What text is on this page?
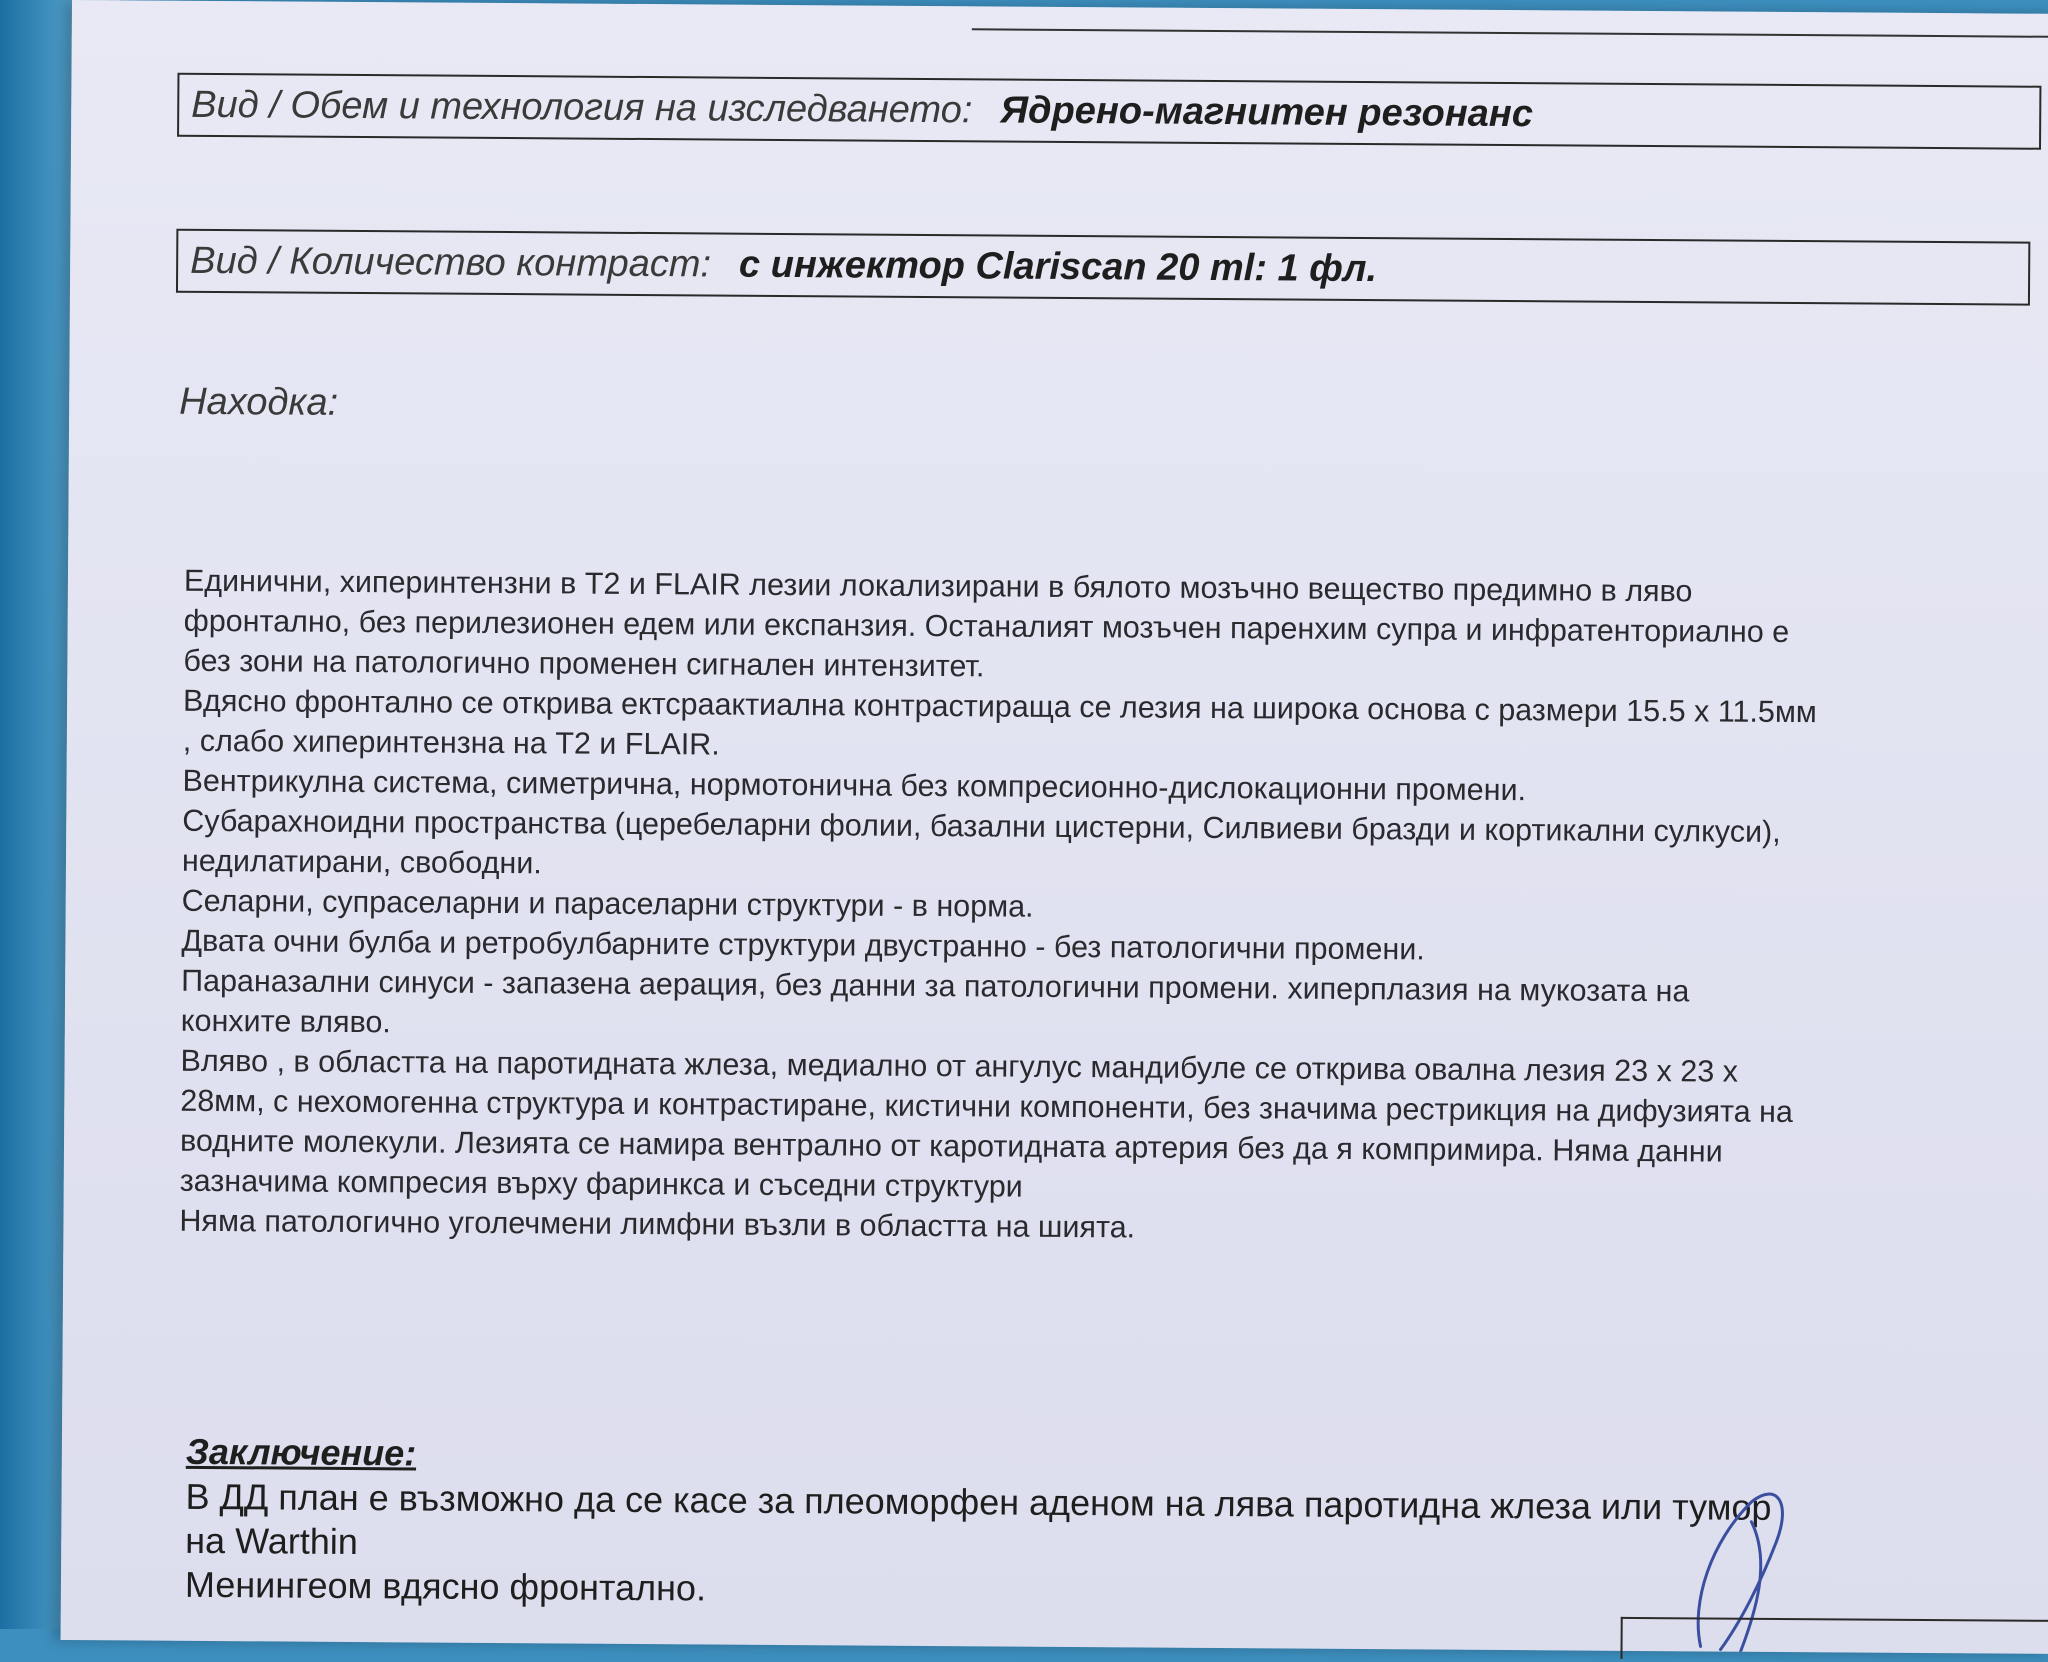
Вид / Обем и технология на изследването: Ядрено-магнитен резонанс
Вид / Количество контраст: с инжектор Clariscan 20 ml: 1 фл.
Находка:
Единични, хиперинтензни в Т2 и FLAIR лезии локализирани в бялото мозъчно вещество предимно в ляво
фронтално, без перилезионен едем или експанзия. Останалият мозъчен паренхим супра и инфратенториално е
без зони на патологично променен сигнален интензитет.
Вдясно фронтално се открива ектсраактиална контрастираща се лезия на широка основа с размери 15.5 х 11.5мм
, слабо хиперинтензна на Т2 и FLAIR.
Вентрикулна система, симетрична, нормотонична без компресионно-дислокационни промени.
Субарахноидни пространства (церебеларни фолии, базални цистерни, Силвиеви бразди и кортикални сулкуси),
недилатирани, свободни.
Селарни, супраселарни и параселарни структури - в норма.
Двата очни булба и ретробулбарните структури двустранно - без патологични промени.
Параназални синуси - запазена аерация, без данни за патологични промени. хиперплазия на мукозата на
конхите вляво.
Вляво , в областта на паротидната жлеза, медиално от ангулус мандибуле се открива овална лезия 23 х 23 х
28мм, с нехомогенна структура и контрастиране, кистични компоненти, без значима рестрикция на дифузията на
водните молекули. Лезията се намира вентрално от каротидната артерия без да я компримира. Няма данни
зазначима компресия върху фаринкса и съседни структури
Няма патологично уголечмени лимфни възли в областта на шията.
Заключение:
В ДД план е възможно да се касе за плеоморфен аденом на лява паротидна жлеза или тумор
на Warthin
Менингеом вдясно фронтално.
